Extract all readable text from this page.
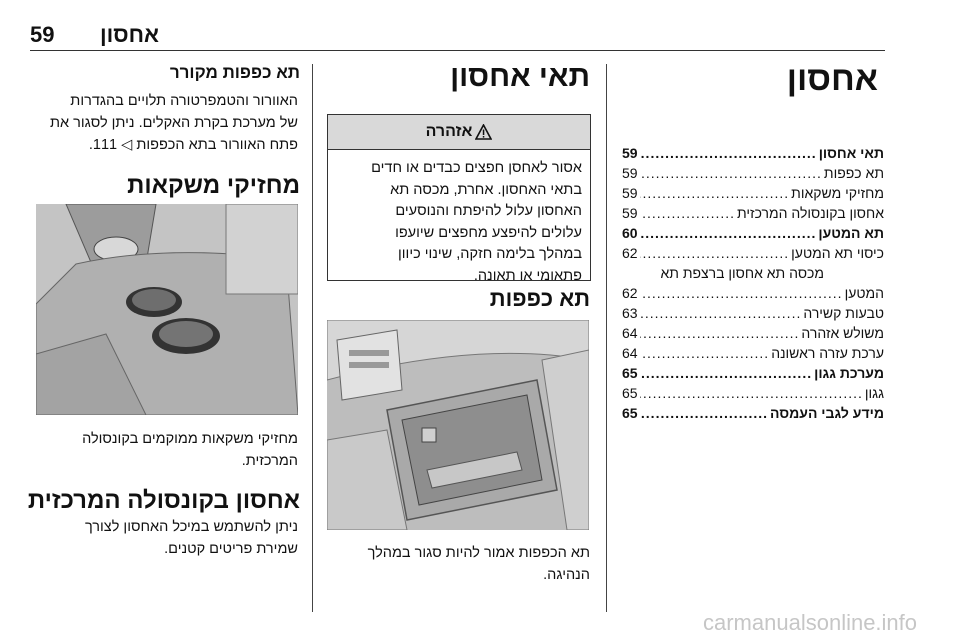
59 אחסון
אחסון
תאי אחסון
.....
59
תא כפפות
.....
59
מחזיקי משקאות
.....
59
אחסון בקונסולה המרכזית
.....
59
תא המטען
.....
60
כיסוי תא המטען
.....
62
מכסה תא אחסון ברצפת תא
המטען
.....
62
טבעות קשירה
.....
63
משולש אזהרה
.....
64
ערכת עזרה ראשונה
.....
64
מערכת גגון
.....
65
גגון
.....
65
מידע לגבי העמסה
.....
65
תאי אחסון
אזהרה
אסור לאחסן חפצים כבדים או חדים
בתאי האחסון. אחרת, מכסה תא
האחסון עלול להיפתח והנוסעים
עלולים להיפצע מחפצים שיועפו
במהלך בלימה חזקה, שינוי כיוון
פתאומי או תאונה.
תא כפפות
תא הכפפות אמור להיות סגור במהלך
הנהיגה.
תא כפפות מקורר
האוורור והטמפרטורה תלויים בהגדרות
של מערכת בקרת האקלים. ניתן לסגור את
פתח האוורור בתא הכפפות ◁ 111.
מחזיקי משקאות
מחזיקי משקאות ממוקמים בקונסולה
המרכזית.
אחסון בקונסולה המרכזית
ניתן להשתמש במיכל האחסון לצורך
שמירת פריטים קטנים.
carmanualsonline.info
